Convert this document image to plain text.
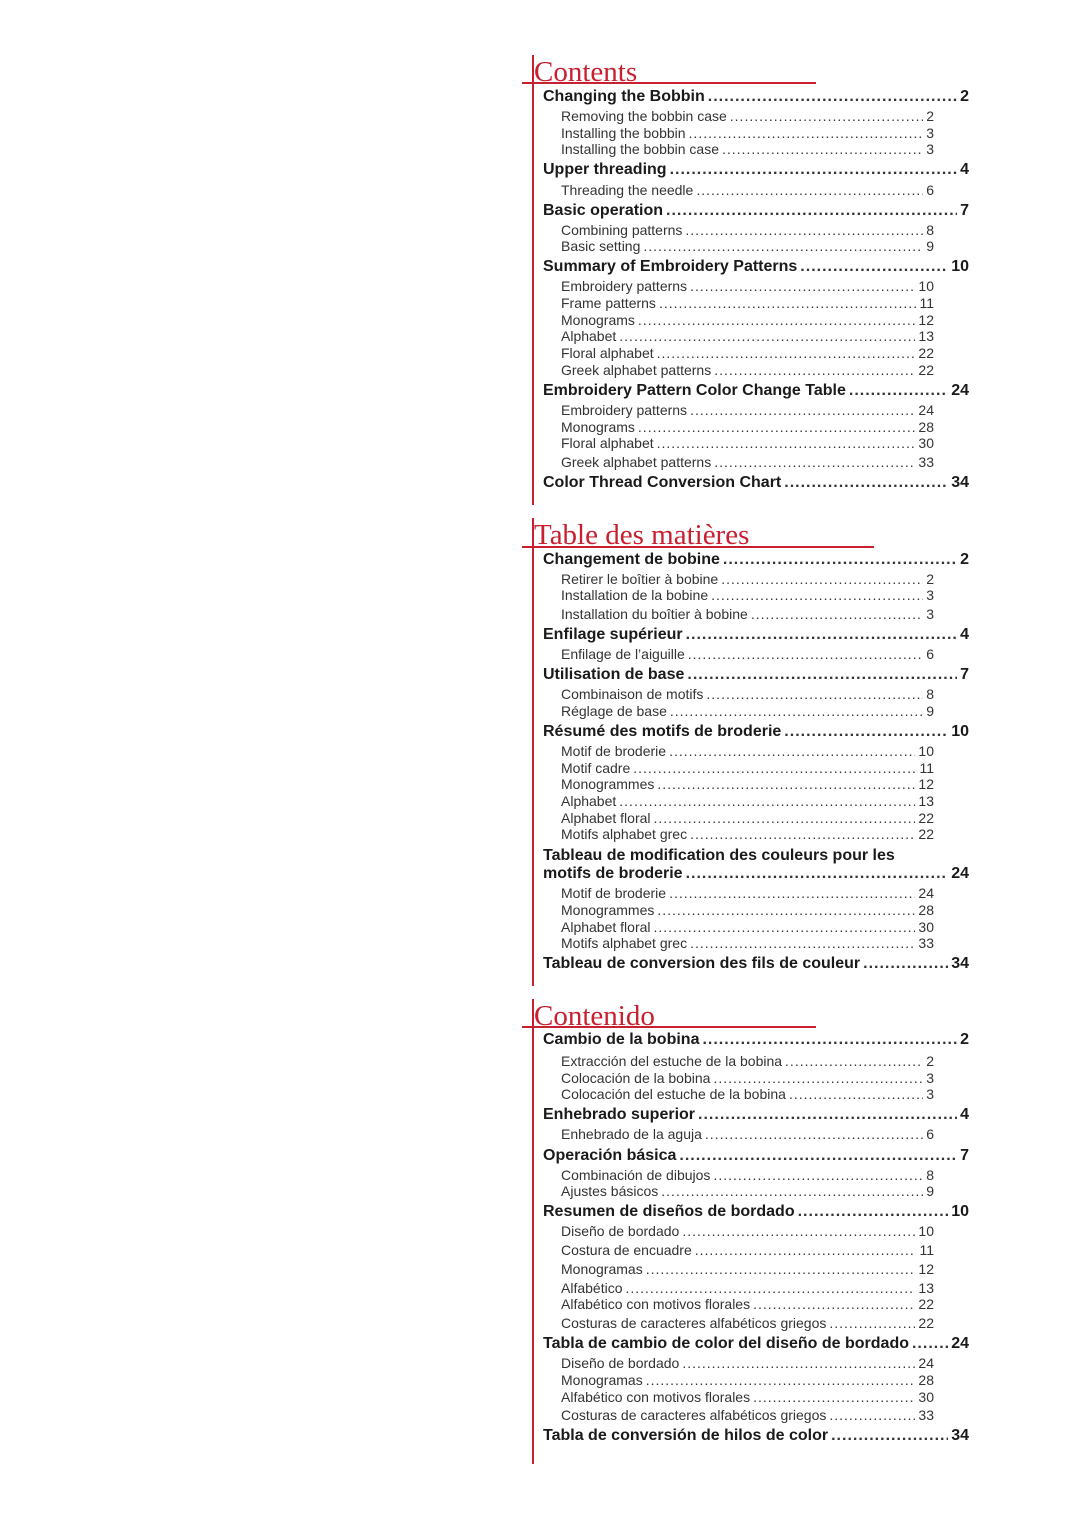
Contents
Changing the Bobbin .....	2
Removing the bobbin case .....	2
Installing the bobbin .....	3
Installing the bobbin case .....	3
Upper threading .....	4
Threading the needle .....	6
Basic operation .....	7
Combining patterns .....	8
Basic setting .....	9
Summary of Embroidery Patterns .....	10
Embroidery patterns .....	10
Frame patterns .....	11
Monograms .....	12
Alphabet .....	13
Floral alphabet .....	22
Greek alphabet patterns .....	22
Embroidery Pattern Color Change Table .....	24
Embroidery patterns .....	24
Monograms .....	28
Floral alphabet .....	30
Greek alphabet patterns .....	33
Color Thread Conversion Chart .....	34
Table des matières
Changement de bobine .....	2
Retirer le boîtier à bobine .....	2
Installation de la bobine .....	3
Installation du boîtier à bobine .....	3
Enfilage supérieur .....	4
Enfilage de l’aiguille .....	6
Utilisation de base .....	7
Combinaison de motifs .....	8
Réglage de base .....	9
Résumé des motifs de broderie .....	10
Motif de broderie .....	10
Motif cadre .....	11
Monogrammes .....	12
Alphabet .....	13
Alphabet floral .....	22
Motifs alphabet grec .....	22
Tableau de modification des couleurs pour les
motifs de broderie .....	24
Motif de broderie .....	24
Monogrammes .....	28
Alphabet floral .....	30
Motifs alphabet grec .....	33
Tableau de conversion des fils de couleur .....	34
Contenido
Cambio de la bobina .....	2
Extracción del estuche de la bobina .....	2
Colocación de la bobina .....	3
Colocación del estuche de la bobina .....	3
Enhebrado superior .....	4
Enhebrado de la aguja .....	6
Operación básica .....	7
Combinación de dibujos .....	8
Ajustes básicos .....	9
Resumen de diseños de bordado .....	10
Diseño de bordado .....	10
Costura de encuadre .....	11
Monogramas .....	12
Alfabético .....	13
Alfabético con motivos florales .....	22
Costuras de caracteres alfabéticos griegos .....	22
Tabla de cambio de color del diseño de bordado .....	24
Diseño de bordado .....	24
Monogramas .....	28
Alfabético con motivos florales .....	30
Costuras de caracteres alfabéticos griegos .....	33
Tabla de conversión de hilos de color .....	34
